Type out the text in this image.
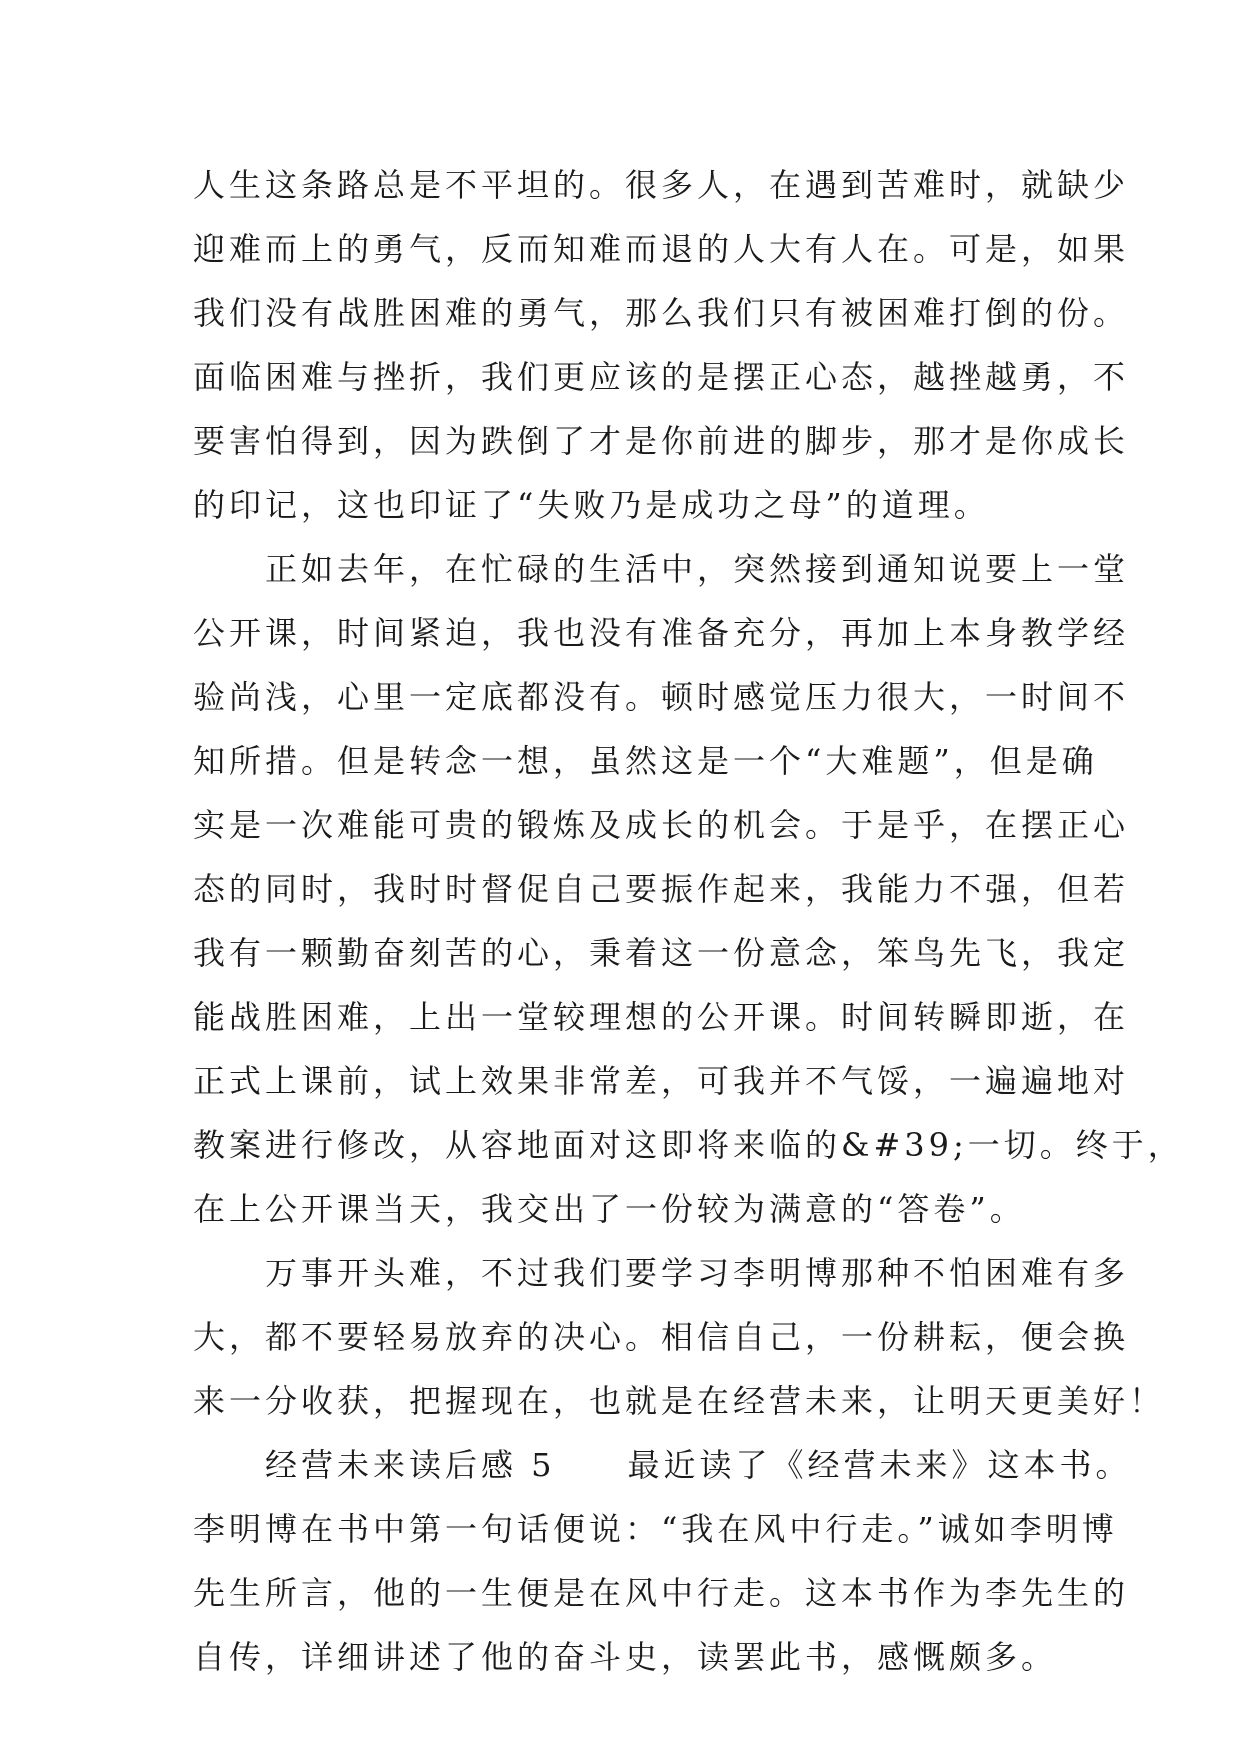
人生这条路总是不平坦的。很多人，在遇到苦难时，就缺少
迎难而上的勇气，反而知难而退的人大有人在。可是，如果
我们没有战胜困难的勇气，那么我们只有被困难打倒的份。
面临困难与挫折，我们更应该的是摆正心态，越挫越勇，不
要害怕得到，因为跌倒了才是你前进的脚步，那才是你成长
的印记，这也印证了“失败乃是成功之母”的道理。
　　正如去年，在忙碌的生活中，突然接到通知说要上一堂
公开课，时间紧迫，我也没有准备充分，再加上本身教学经
验尚浅，心里一定底都没有。顿时感觉压力很大，一时间不
知所措。但是转念一想，虽然这是一个“大难题”，但是确
实是一次难能可贵的锻炼及成长的机会。于是乎，在摆正心
态的同时，我时时督促自己要振作起来，我能力不强，但若
我有一颗勤奋刻苦的心，秉着这一份意念，笨鸟先飞，我定
能战胜困难，上出一堂较理想的公开课。时间转瞬即逝，在
正式上课前，试上效果非常差，可我并不气馁，一遍遍地对
教案进行修改，从容地面对这即将来临的&#39;一切。终于，
在上公开课当天，我交出了一份较为满意的“答卷”。
　　万事开头难，不过我们要学习李明博那种不怕困难有多
大，都不要轻易放弃的决心。相信自己，一份耕耘，便会换
来一分收获，把握现在，也就是在经营未来，让明天更美好！
　　经营未来读后感 5　　最近读了《经营未来》这本书。
李明博在书中第一句话便说：“我在风中行走。”诚如李明博
先生所言，他的一生便是在风中行走。这本书作为李先生的
自传，详细讲述了他的奋斗史，读罢此书，感慨颇多。
